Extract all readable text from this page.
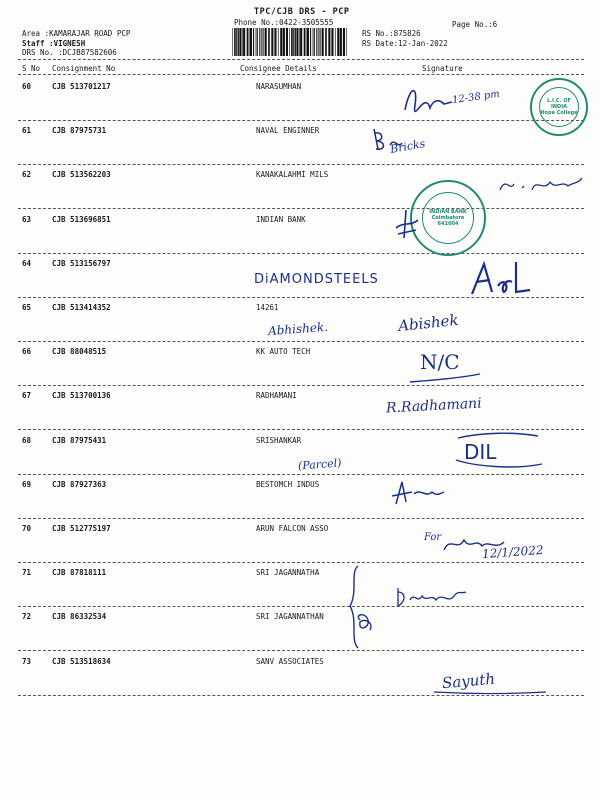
TPC/CJB DRS - PCP
Phone No.:0422-3505555
Area :KAMARAJAR ROAD PCP
Staff :VIGNESH
DRS No. :DCJB87582606
RS No.:875826
Page No.:6
RS Date:12-Jan-2022
S No Consignment No	Consignee Details	Signature
60	CJB 513701217	NARASUMHAN
61	CJB 87975731	NAVAL ENGINNER
62	CJB 513562203	KANAKALAHMI MILS
63	CJB 513696851	INDIAN BANK
64	CJB 513156797
65	CJB 513414352	14261
66	CJB 88048515	KK AUTO TECH
67	CJB 513700136	RADHAMANI
68	CJB 87975431	SRISHANKAR
69	CJB 87927363	BESTOMCH INDUS
70	CJB 512775197	ARUN FALCON ASSO
71	CJB 87818111	SRI JAGANNATHA
72	CJB 86332534	SRI JAGANNATHAN
73	CJB 513518634	SANV ASSOCIATES
L.I.C. OF INDIA
Hope College
INDIAN BANK
Coimbatore
641004
12-38 pm
Bricks
DiAMONDSTEELS
Abhishek.	Abishek
N/C
R.Radhamani
DIL
(Parcel)
For
12/1/2022
Sayuth
